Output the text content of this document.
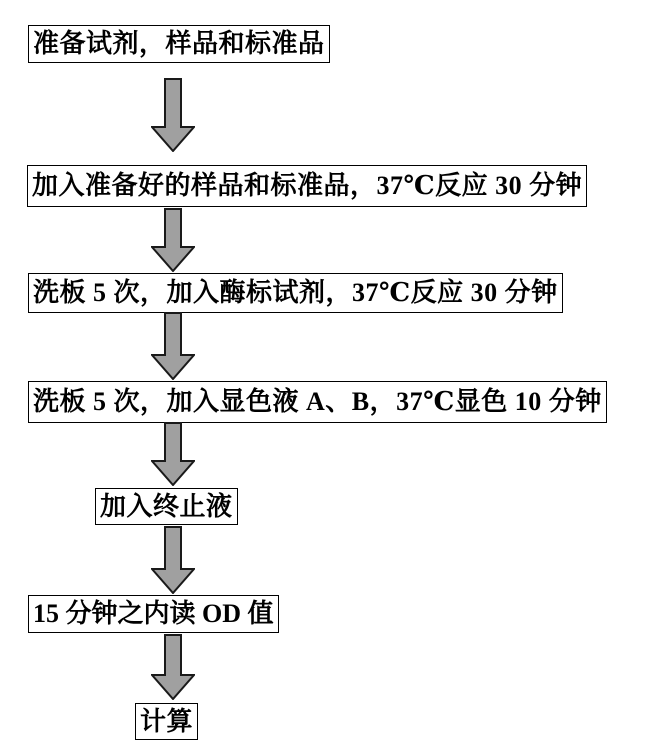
准备试剂，样品和标准品
加入准备好的样品和标准品，37℃反应 30 分钟
洗板 5 次，加入酶标试剂，37℃反应 30 分钟
洗板 5 次，加入显色液 A、B，37℃显色 10 分钟
加入终止液
15 分钟之内读 OD 值
计算
